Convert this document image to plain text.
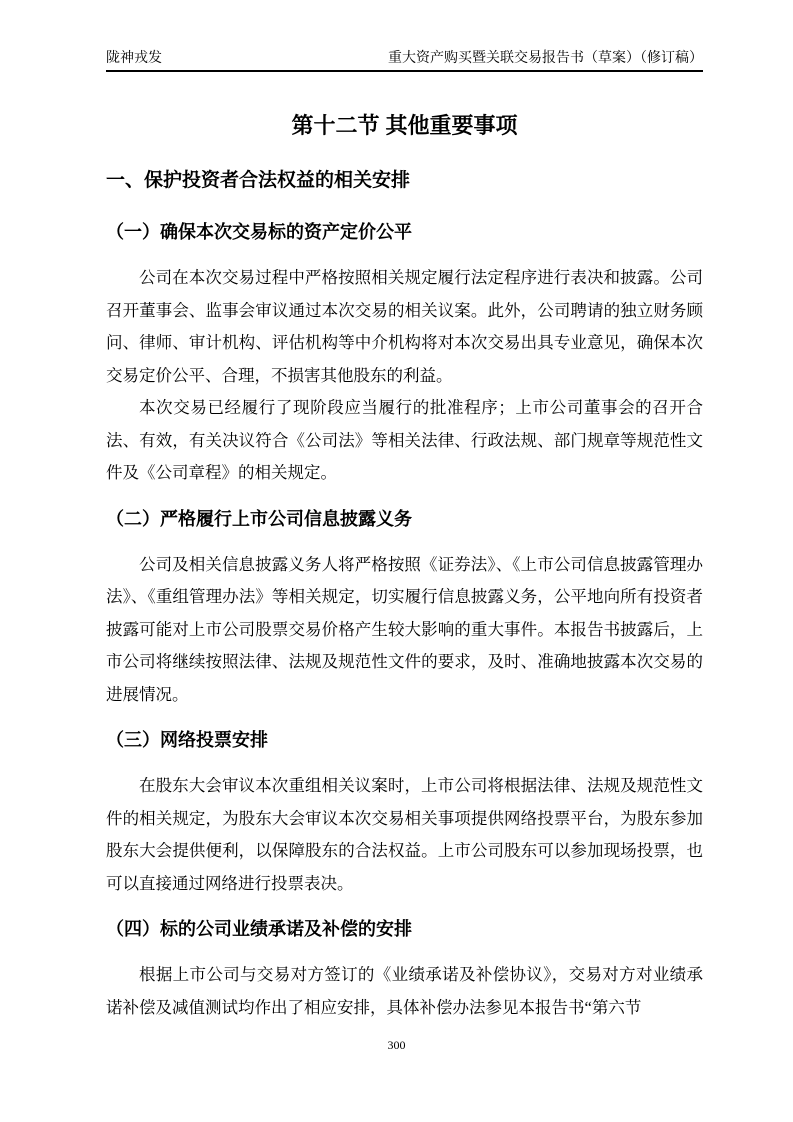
陇神戎发	重大资产购买暨关联交易报告书（草案）（修订稿）
第十二节 其他重要事项
一、保护投资者合法权益的相关安排
（一）确保本次交易标的资产定价公平

公司在本次交易过程中严格按照相关规定履行法定程序进行表决和披露。公司召开董事会、监事会审议通过本次交易的相关议案。此外，公司聘请的独立财务顾问、律师、审计机构、评估机构等中介机构将对本次交易出具专业意见，确保本次交易定价公平、合理，不损害其他股东的利益。

本次交易已经履行了现阶段应当履行的批准程序；上市公司董事会的召开合法、有效，有关决议符合《公司法》等相关法律、行政法规、部门规章等规范性文件及《公司章程》的相关规定。

（二）严格履行上市公司信息披露义务

公司及相关信息披露义务人将严格按照《证券法》、《上市公司信息披露管理办法》、《重组管理办法》等相关规定，切实履行信息披露义务，公平地向所有投资者披露可能对上市公司股票交易价格产生较大影响的重大事件。本报告书披露后，上市公司将继续按照法律、法规及规范性文件的要求，及时、准确地披露本次交易的进展情况。

（三）网络投票安排

在股东大会审议本次重组相关议案时，上市公司将根据法律、法规及规范性文件的相关规定，为股东大会审议本次交易相关事项提供网络投票平台，为股东参加股东大会提供便利，以保障股东的合法权益。上市公司股东可以参加现场投票，也可以直接通过网络进行投票表决。

（四）标的公司业绩承诺及补偿的安排

根据上市公司与交易对方签订的《业绩承诺及补偿协议》，交易对方对业绩承诺补偿及减值测试均作出了相应安排，具体补偿办法参见本报告书“第六节

300
